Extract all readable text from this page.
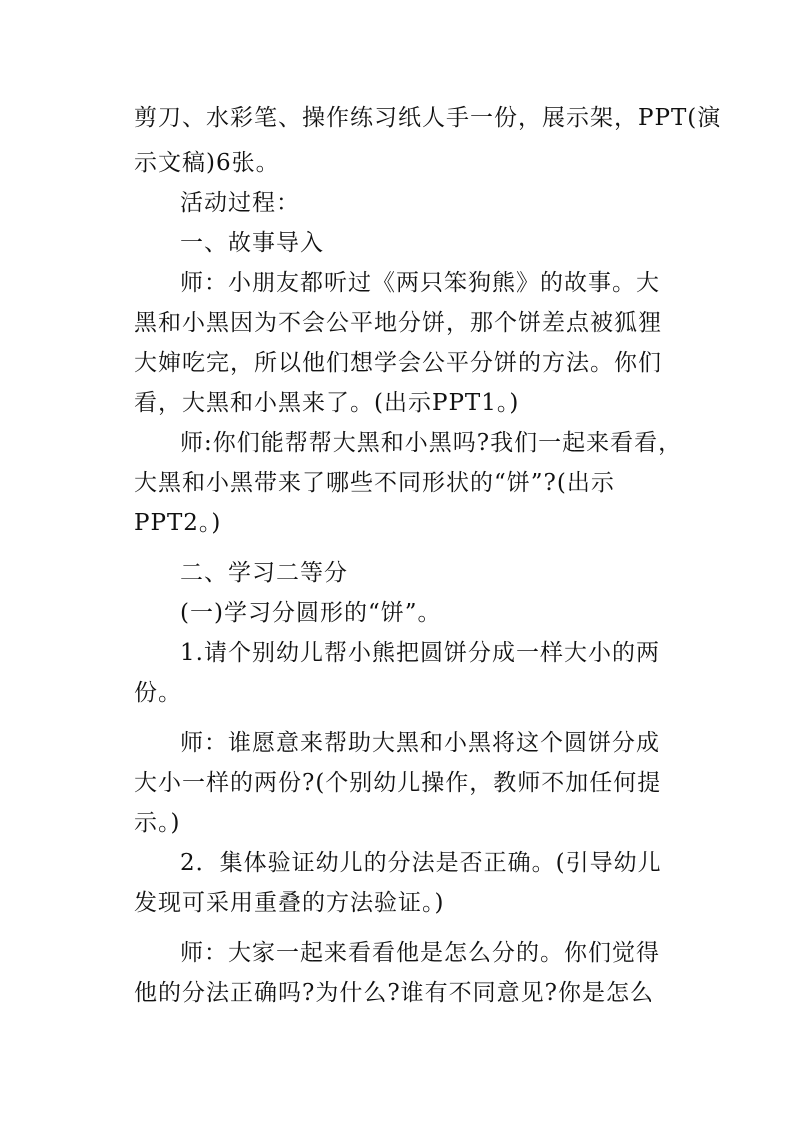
剪刀、水彩笔、操作练习纸人手一份，展示架，PPT(演
示文稿)6张。
活动过程：
一、故事导入
师：小朋友都听过《两只笨狗熊》的故事。大
黑和小黑因为不会公平地分饼，那个饼差点被狐狸
大婶吃完，所以他们想学会公平分饼的方法。你们
看，大黑和小黑来了。(出示PPT1。)
师:你们能帮帮大黑和小黑吗?我们一起来看看，
大黑和小黑带来了哪些不同形状的“饼”?(出示
PPT2。)
二、学习二等分
(一)学习分圆形的“饼”。
1.请个别幼儿帮小熊把圆饼分成一样大小的两
份。
师：谁愿意来帮助大黑和小黑将这个圆饼分成
大小一样的两份?(个别幼儿操作，教师不加任何提
示。)
2．集体验证幼儿的分法是否正确。(引导幼儿
发现可采用重叠的方法验证。)
师：大家一起来看看他是怎么分的。你们觉得
他的分法正确吗?为什么?谁有不同意见?你是怎么
